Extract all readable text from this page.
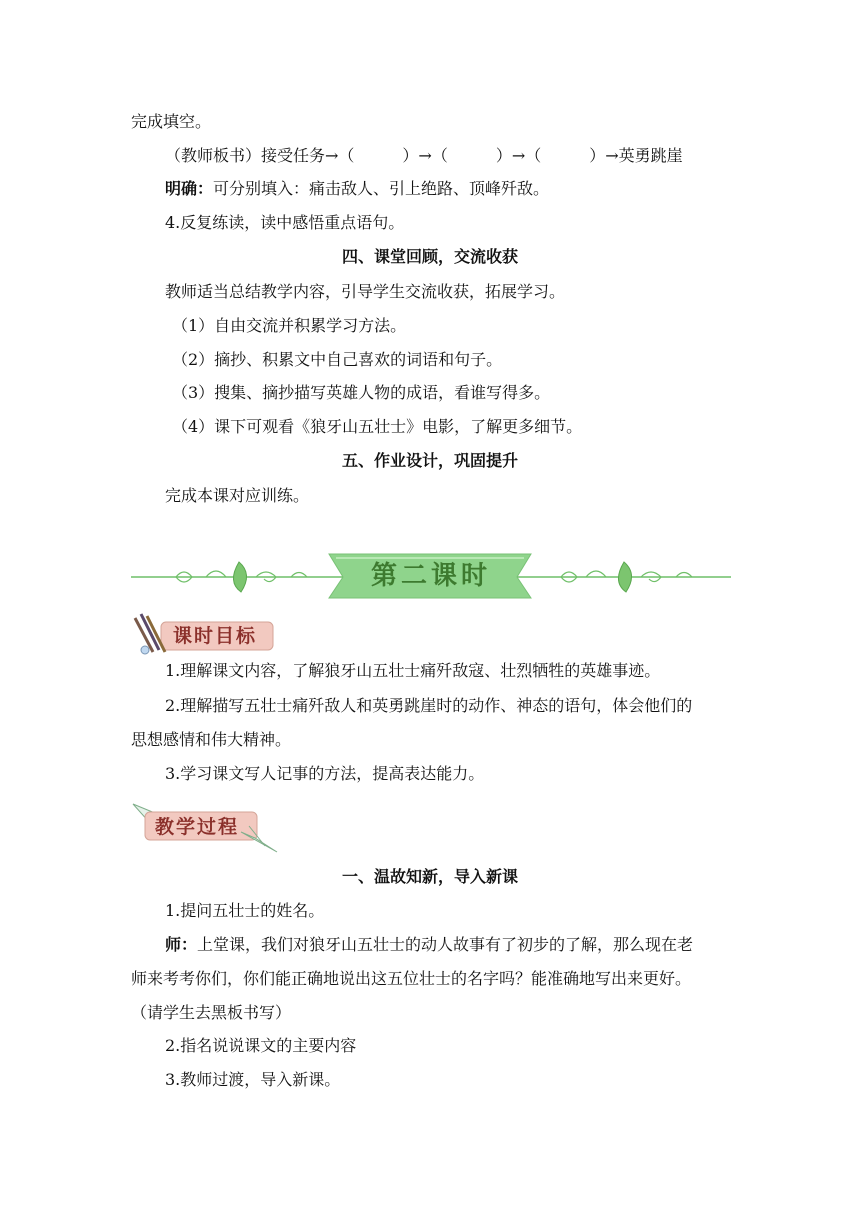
完成填空。
（教师板书）接受任务→（　　　）→（　　　）→（　　　）→英勇跳崖
明确：可分别填入：痛击敌人、引上绝路、顶峰歼敌。
4.反复练读，读中感悟重点语句。
四、课堂回顾，交流收获
教师适当总结教学内容，引导学生交流收获，拓展学习。
（1）自由交流并积累学习方法。
（2）摘抄、积累文中自己喜欢的词语和句子。
（3）搜集、摘抄描写英雄人物的成语，看谁写得多。
（4）课下可观看《狼牙山五壮士》电影，了解更多细节。
五、作业设计，巩固提升
完成本课对应训练。
第二课时
课时目标
1.理解课文内容，了解狼牙山五壮士痛歼敌寇、壮烈牺牲的英雄事迹。
2.理解描写五壮士痛歼敌人和英勇跳崖时的动作、神态的语句，体会他们的
思想感情和伟大精神。
3.学习课文写人记事的方法，提高表达能力。
教学过程
一、温故知新，导入新课
1.提问五壮士的姓名。
师：上堂课，我们对狼牙山五壮士的动人故事有了初步的了解，那么现在老
师来考考你们，你们能正确地说出这五位壮士的名字吗？能准确地写出来更好。
（请学生去黑板书写）
2.指名说说课文的主要内容
3.教师过渡，导入新课。
